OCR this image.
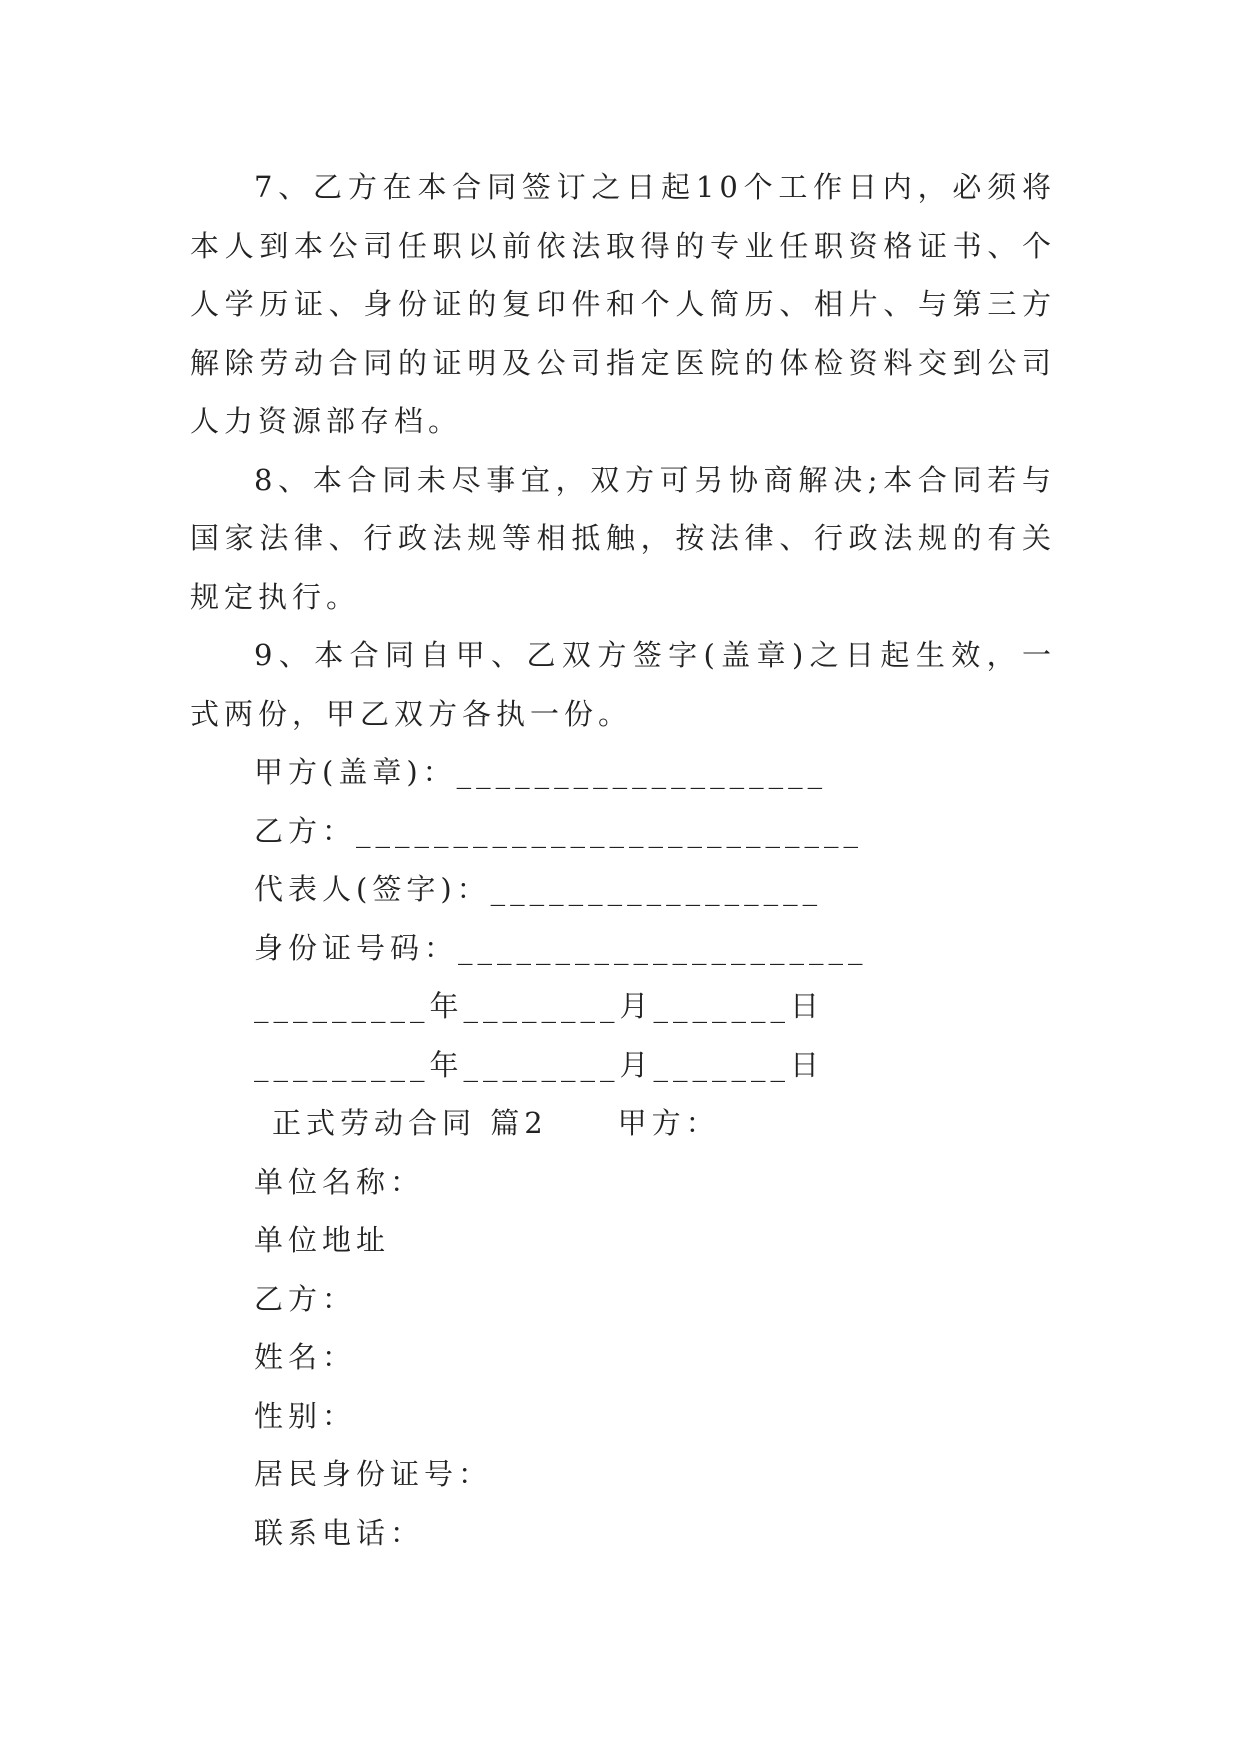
7、乙方在本合同签订之日起10个工作日内，必须将本人到本公司任职以前依法取得的专业任职资格证书、个人学历证、身份证的复印件和个人简历、相片、与第三方解除劳动合同的证明及公司指定医院的体检资料交到公司人力资源部存档。

8、本合同未尽事宜，双方可另协商解决;本合同若与国家法律、行政法规等相抵触，按法律、行政法规的有关规定执行。

9、本合同自甲、乙双方签字(盖章)之日起生效，一式两份，甲乙双方各执一份。

甲方(盖章)：___________________

乙方：__________________________

代表人(签字)：_________________

身份证号码：_____________________

_________年________月_______日

_________年________月_______日

正式劳动合同 篇2 甲方：

单位名称：

单位地址

乙方：

姓名：

性别：

居民身份证号：

联系电话：
